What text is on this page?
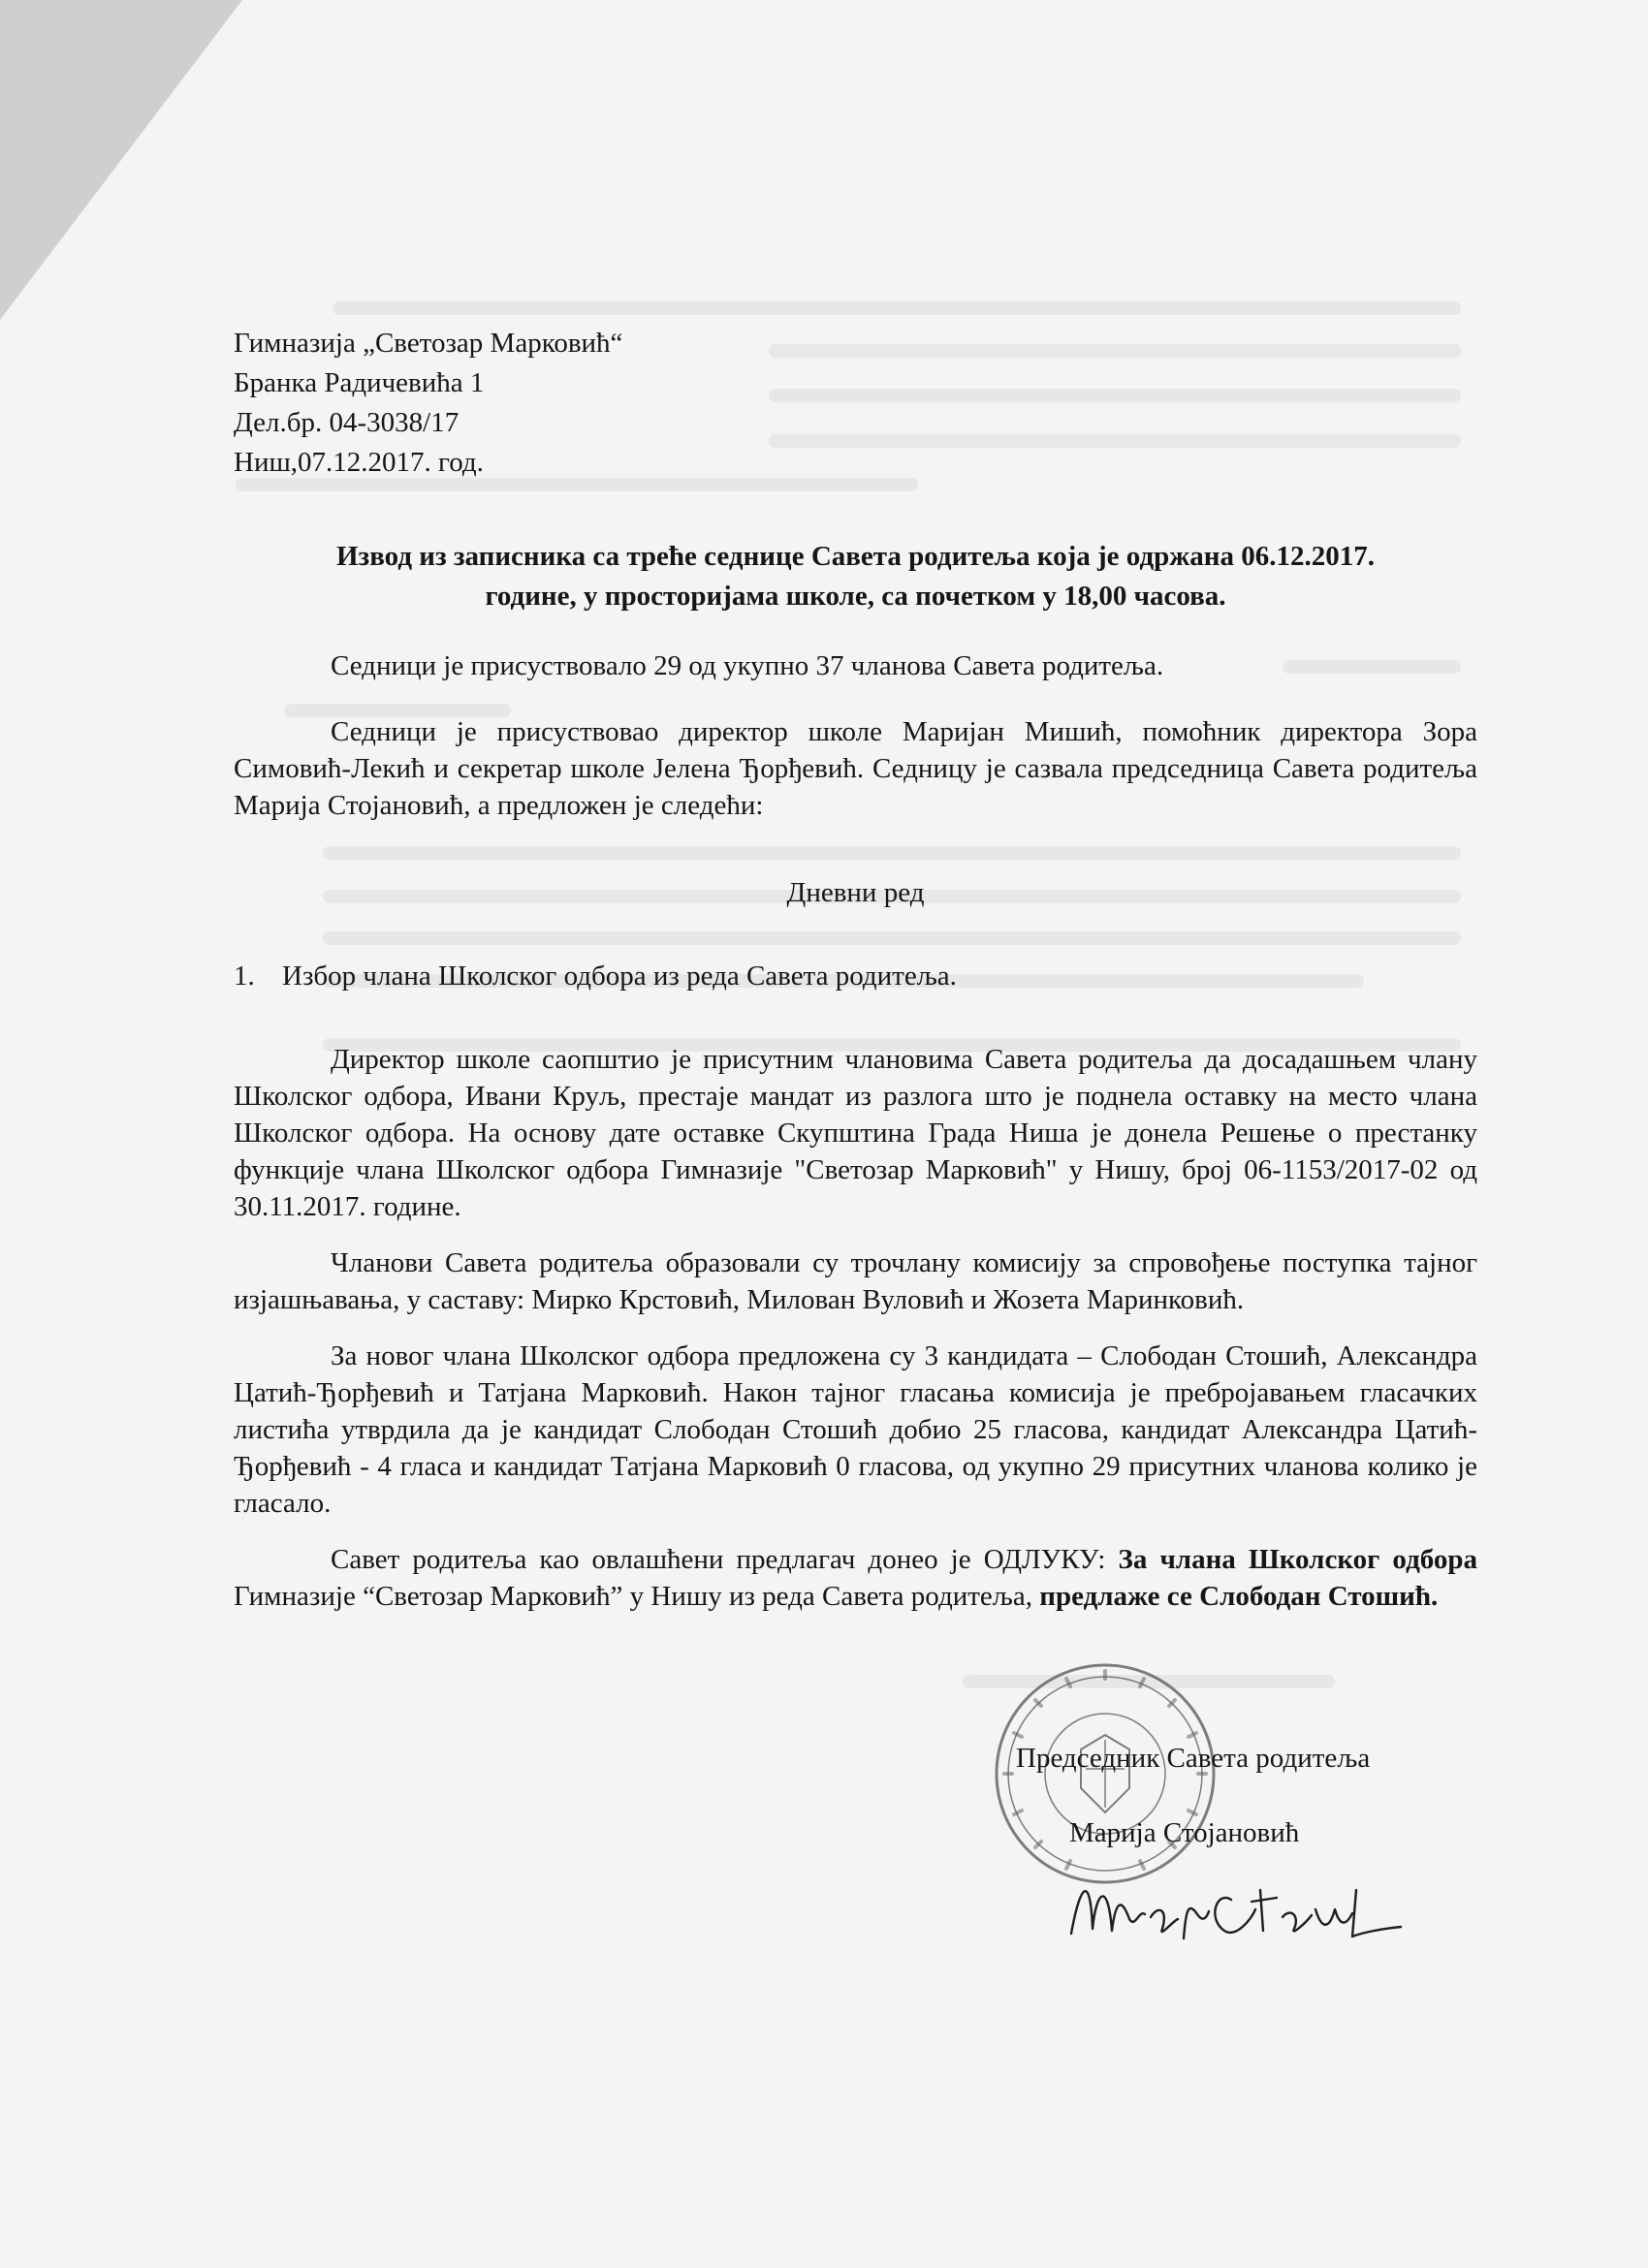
Гимназија „Светозар Марковић“
Бранка Радичевића 1
Дел.бр. 04-3038/17
Ниш,07.12.2017. год.
Извод из записника са треће седнице Савета родитеља која је одржана 06.12.2017.
године, у просторијама школе, са почетком у 18,00 часова.

Седници је присуствовало 29 од укупно 37 чланова Савета родитеља.

Седници је присуствовао директор школе Маријан Мишић, помоћник директора Зора Симовић-Лекић и секретар школе Јелена Ђорђевић. Седницу је сазвала председница Савета родитеља Марија Стојановић, а предложен је следећи:

Дневни ред

1. Избор члана Школског одбора из реда Савета родитеља.

Директор школе саопштио је присутним члановима Савета родитеља да досадашњем члану Школског одбора, Ивани Круљ, престаје мандат из разлога што је поднела оставку на место члана Школског одбора. На основу дате оставке Скупштина Града Ниша је донела Решење о престанку функције члана Школског одбора Гимназије "Светозар Марковић" у Нишу, број 06-1153/2017-02 од 30.11.2017. године.

Чланови Савета родитеља образовали су трочлану комисију за спровођење поступка тајног изјашњавања, у саставу: Мирко Крстовић, Милован Вуловић и Жозета Маринковић.

За новог члана Школског одбора предложена су 3 кандидата – Слободан Стошић, Александра Цатић-Ђорђевић и Татјана Марковић. Након тајног гласања комисија је пребројавањем гласачких листића утврдила да је кандидат Слободан Стошић добио 25 гласова, кандидат Александра Цатић-Ђорђевић - 4 гласа и кандидат Татјана Марковић 0 гласова, од укупно 29 присутних чланова колико је гласало.

Савет родитеља као овлашћени предлагач донео је ОДЛУКУ: За члана Школског одбора Гимназије “Светозар Марковић” у Нишу из реда Савета родитеља, предлаже се Слободан Стошић.

Председник Савета родитеља
Марија Стојановић
